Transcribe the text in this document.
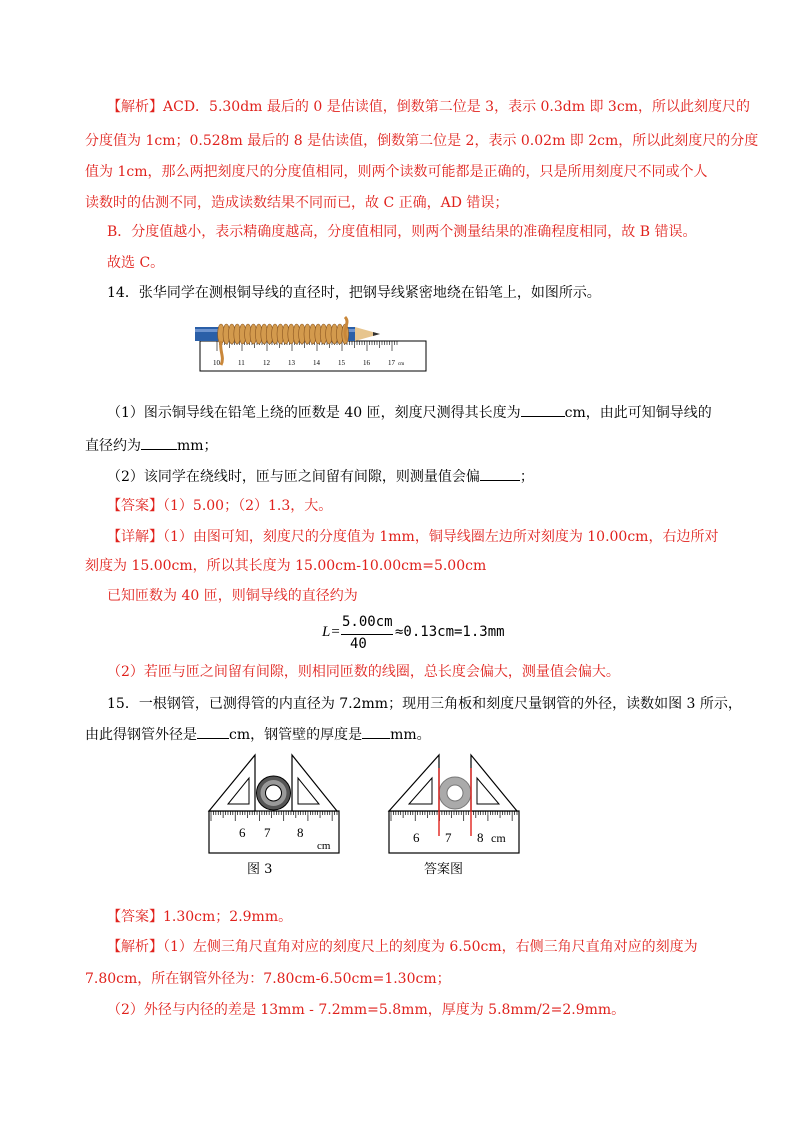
【解析】ACD．5.30dm 最后的 0 是估读值，倒数第二位是 3，表示 0.3dm 即 3cm，所以此刻度尺的
分度值为 1cm；0.528m 最后的 8 是估读值，倒数第二位是 2，表示 0.02m 即 2cm，所以此刻度尺的分度
值为 1cm，那么两把刻度尺的分度值相同，则两个读数可能都是正确的，只是所用刻度尺不同或个人
读数时的估测不同，造成读数结果不同而已，故 C 正确，AD 错误；
B．分度值越小，表示精确度越高，分度值相同，则两个测量结果的准确程度相同，故 B 错误。
故选 C。
14．张华同学在测根铜导线的直径时，把钢导线紧密地绕在铅笔上，如图所示。
10	11	12	13	14	15	16	17 cm
（1）图示铜导线在铅笔上绕的匝数是 40 匝，刻度尺测得其长度为	cm，由此可知铜导线的
直径约为	mm；
（2）该同学在绕线时，匝与匝之间留有间隙，则测量值会偏	；
【答案】（1）5.00；（2）1.3，大。
【详解】（1）由图可知，刻度尺的分度值为 1mm，铜导线圈左边所对刻度为 10.00cm，右边所对
刻度为 15.00cm，所以其长度为 15.00cm-10.00cm=5.00cm
已知匝数为 40 匝，则铜导线的直径约为
L=
5.00cm
40
≈0.13cm=1.3mm
（2）若匝与匝之间留有间隙，则相同匝数的线圈，总长度会偏大，测量值会偏大。
15．一根钢管，已测得管的内直径为 7.2mm；现用三角板和刻度尺量钢管的外径，读数如图 3 所示，
由此得钢管外径是 cm，钢管壁的厚度是 mm。
6 7 8
cm
图 3
6 7 8 cm
答案图
【答案】1.30cm；2.9mm。
【解析】（1）左侧三角尺直角对应的刻度尺上的刻度为 6.50cm，右侧三角尺直角对应的刻度为
7.80cm，所在钢管外径为：7.80cm-6.50cm=1.30cm；
（2）外径与内径的差是 13mm - 7.2mm=5.8mm，厚度为 5.8mm/2=2.9mm。
